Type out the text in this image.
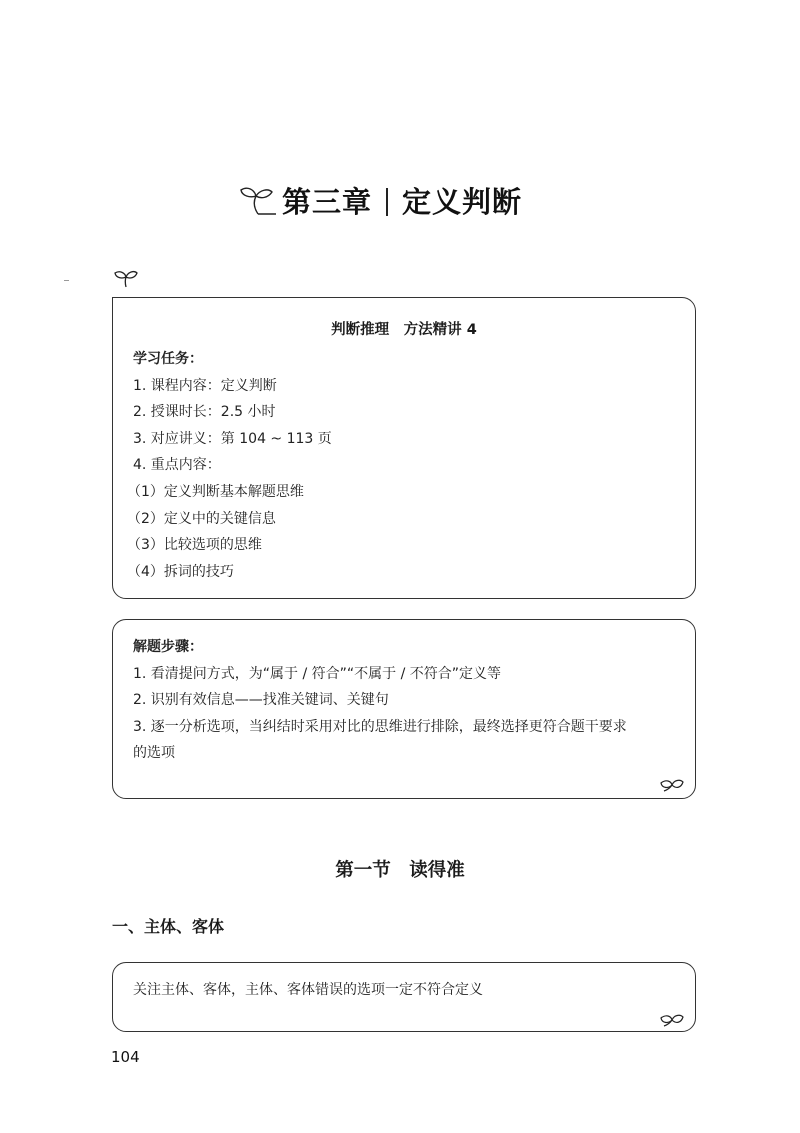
第三章 定义判断
判断推理　方法精讲 4
学习任务：
1. 课程内容：定义判断
2. 授课时长：2.5 小时
3. 对应讲义：第 104 ~ 113 页
4. 重点内容：
（1）定义判断基本解题思维
（2）定义中的关键信息
（3）比较选项的思维
（4）拆词的技巧
解题步骤：
1. 看清提问方式，为“属于 / 符合”“不属于 / 不符合”定义等
2. 识别有效信息——找准关键词、关键句
3. 逐一分析选项，当纠结时采用对比的思维进行排除，最终选择更符合题干要求
的选项
第一节　读得准
一、主体、客体
关注主体、客体，主体、客体错误的选项一定不符合定义
104
